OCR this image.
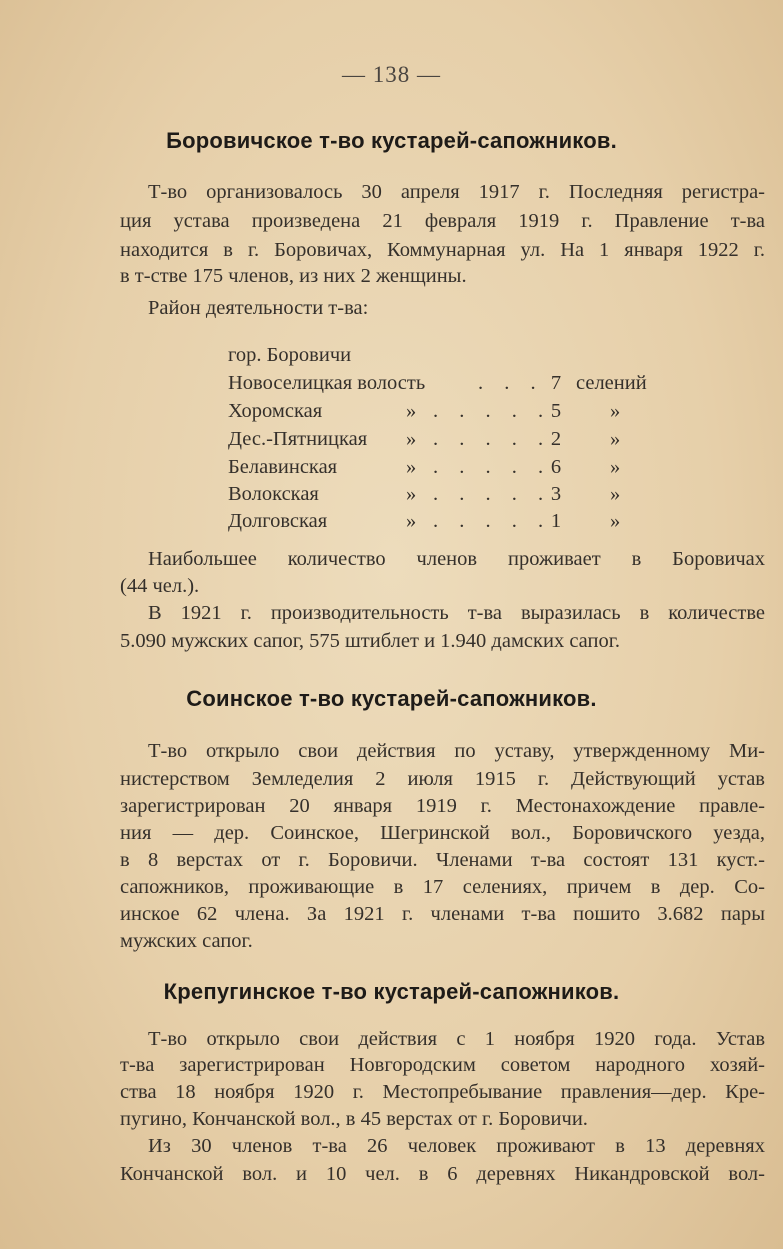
— 138 —
Боровичское т-во кустарей-сапожников.
Т-во организовалось 30 апреля 1917 г. Последняя регистра-
ция устава произведена 21 февраля 1919 г. Правление т-ва
находится в г. Боровичах, Коммунарная ул. На 1 января 1922 г.
в т-стве 175 членов, из них 2 женщины.
Район деятельности т-ва:
гор. Боровичи
Новоселицкая волость	. . . 7 селений
Хоромская	» . . . . . 5 »
Дес.-Пятницкая » . . . . . 2 »
Белавинская	» . . . . . 6 »
Волокская	» . . . . . 3 »
Долговская	» . . . . . 1 »
Наибольшее количество членов проживает в Боровичах
(44 чел.).
В 1921 г. производительность т-ва выразилась в количестве
5.090 мужских сапог, 575 штиблет и 1.940 дамских сапог.
Соинское т-во кустарей-сапожников.
Т-во открыло свои действия по уставу, утвержденному Ми-
нистерством Земледелия 2 июля 1915 г. Действующий устав
зарегистрирован 20 января 1919 г. Местонахождение правле-
ния — дер. Соинское, Шегринской вол., Боровичского уезда,
в 8 верстах от г. Боровичи. Членами т-ва состоят 131 куст.-
сапожников, проживающие в 17 селениях, причем в дер. Со-
инское 62 члена. За 1921 г. членами т-ва пошито 3.682 пары
мужских сапог.
Крепугинское т-во кустарей-сапожников.
Т-во открыло свои действия с 1 ноября 1920 года. Устав
т-ва зарегистрирован Новгородским советом народного хозяй-
ства 18 ноября 1920 г. Местопребывание правления—дер. Кре-
пугино, Кончанской вол., в 45 верстах от г. Боровичи.
Из 30 членов т-ва 26 человек проживают в 13 деревнях
Кончанской вол. и 10 чел. в 6 деревнях Никандровской вол-
